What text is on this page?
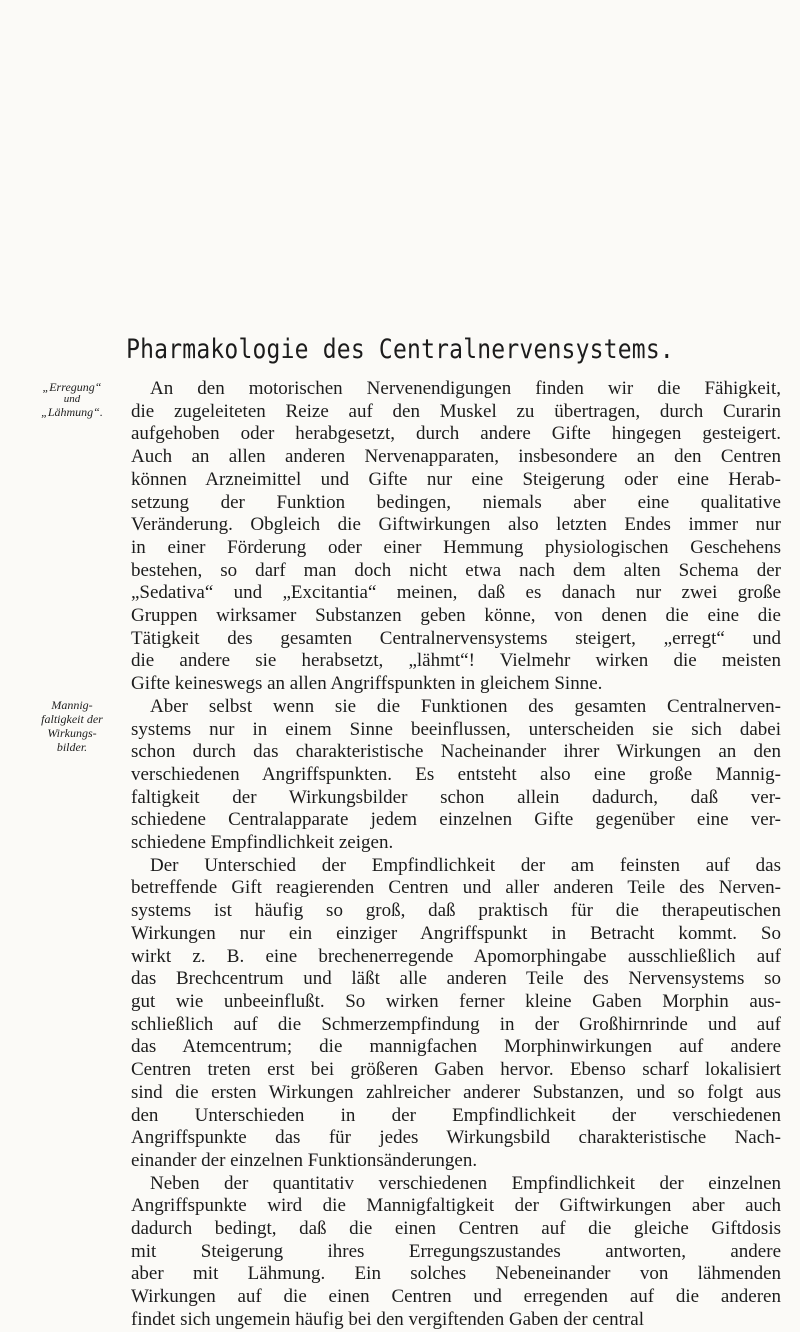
Pharmakologie des Centralnervensystems.
„Erregung“
und
„Lähmung“.
Mannig-
faltigkeit der
Wirkungs-
bilder.
An den motorischen Nervenendigungen finden wir die Fähigkeit,
die zugeleiteten Reize auf den Muskel zu übertragen, durch Curarin
aufgehoben oder herabgesetzt, durch andere Gifte hingegen gesteigert.
Auch an allen anderen Nervenapparaten, insbesondere an den Centren
können Arzneimittel und Gifte nur eine Steigerung oder eine Herab-
setzung der Funktion bedingen, niemals aber eine qualitative
Veränderung. Obgleich die Giftwirkungen also letzten Endes immer nur
in einer Förderung oder einer Hemmung physiologischen Geschehens
bestehen, so darf man doch nicht etwa nach dem alten Schema der
„Sedativa“ und „Excitantia“ meinen, daß es danach nur zwei große
Gruppen wirksamer Substanzen geben könne, von denen die eine die
Tätigkeit des gesamten Centralnervensystems steigert, „erregt“ und
die andere sie herabsetzt, „lähmt“! Vielmehr wirken die meisten
Gifte keineswegs an allen Angriffspunkten in gleichem Sinne.
Aber selbst wenn sie die Funktionen des gesamten Centralnerven-
systems nur in einem Sinne beeinflussen, unterscheiden sie sich dabei
schon durch das charakteristische Nacheinander ihrer Wirkungen an den
verschiedenen Angriffspunkten. Es entsteht also eine große Mannig-
faltigkeit der Wirkungsbilder schon allein dadurch, daß ver-
schiedene Centralapparate jedem einzelnen Gifte gegenüber eine ver-
schiedene Empfindlichkeit zeigen.
Der Unterschied der Empfindlichkeit der am feinsten auf das
betreffende Gift reagierenden Centren und aller anderen Teile des Nerven-
systems ist häufig so groß, daß praktisch für die therapeutischen
Wirkungen nur ein einziger Angriffspunkt in Betracht kommt. So
wirkt z. B. eine brechenerregende Apomorphingabe ausschließlich auf
das Brechcentrum und läßt alle anderen Teile des Nervensystems so
gut wie unbeeinflußt. So wirken ferner kleine Gaben Morphin aus-
schließlich auf die Schmerzempfindung in der Großhirnrinde und auf
das Atemcentrum; die mannigfachen Morphinwirkungen auf andere
Centren treten erst bei größeren Gaben hervor. Ebenso scharf lokalisiert
sind die ersten Wirkungen zahlreicher anderer Substanzen, und so folgt aus
den Unterschieden in der Empfindlichkeit der verschiedenen
Angriffspunkte das für jedes Wirkungsbild charakteristische Nach-
einander der einzelnen Funktionsänderungen.
Neben der quantitativ verschiedenen Empfindlichkeit der einzelnen
Angriffspunkte wird die Mannigfaltigkeit der Giftwirkungen aber auch
dadurch bedingt, daß die einen Centren auf die gleiche Giftdosis
mit Steigerung ihres Erregungszustandes antworten, andere
aber mit Lähmung. Ein solches Nebeneinander von lähmenden
Wirkungen auf die einen Centren und erregenden auf die anderen
findet sich ungemein häufig bei den vergiftenden Gaben der central
